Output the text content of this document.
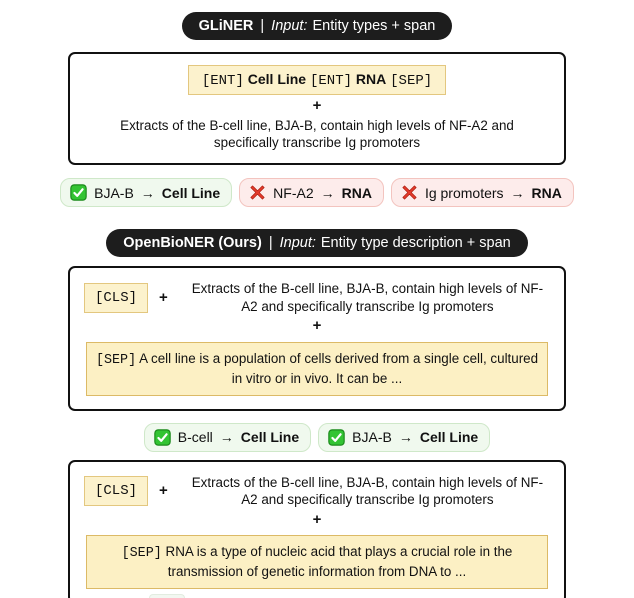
GLiNER | Input: Entity types + span
[ENT] Cell Line [ENT] RNA [SEP]
+
Extracts of the B-cell line, BJA-B, contain high levels of NF-A2 and specifically transcribe Ig promoters
BJA-B → Cell Line	NF-A2 → RNA	Ig promoters → RNA
OpenBioNER (Ours) | Input: Entity type description + span
[CLS]	+	Extracts of the B-cell line, BJA-B, contain high levels of NF-A2 and specifically transcribe Ig promoters
+
[SEP] A cell line is a population of cells derived from a single cell, cultured in vitro or in vivo. It can be ...
B-cell → Cell Line	BJA-B → Cell Line
[CLS]	+	Extracts of the B-cell line, BJA-B, contain high levels of NF-A2 and specifically transcribe Ig promoters
+
[SEP] RNA is a type of nucleic acid that plays a crucial role in the transmission of genetic information from DNA to ...
